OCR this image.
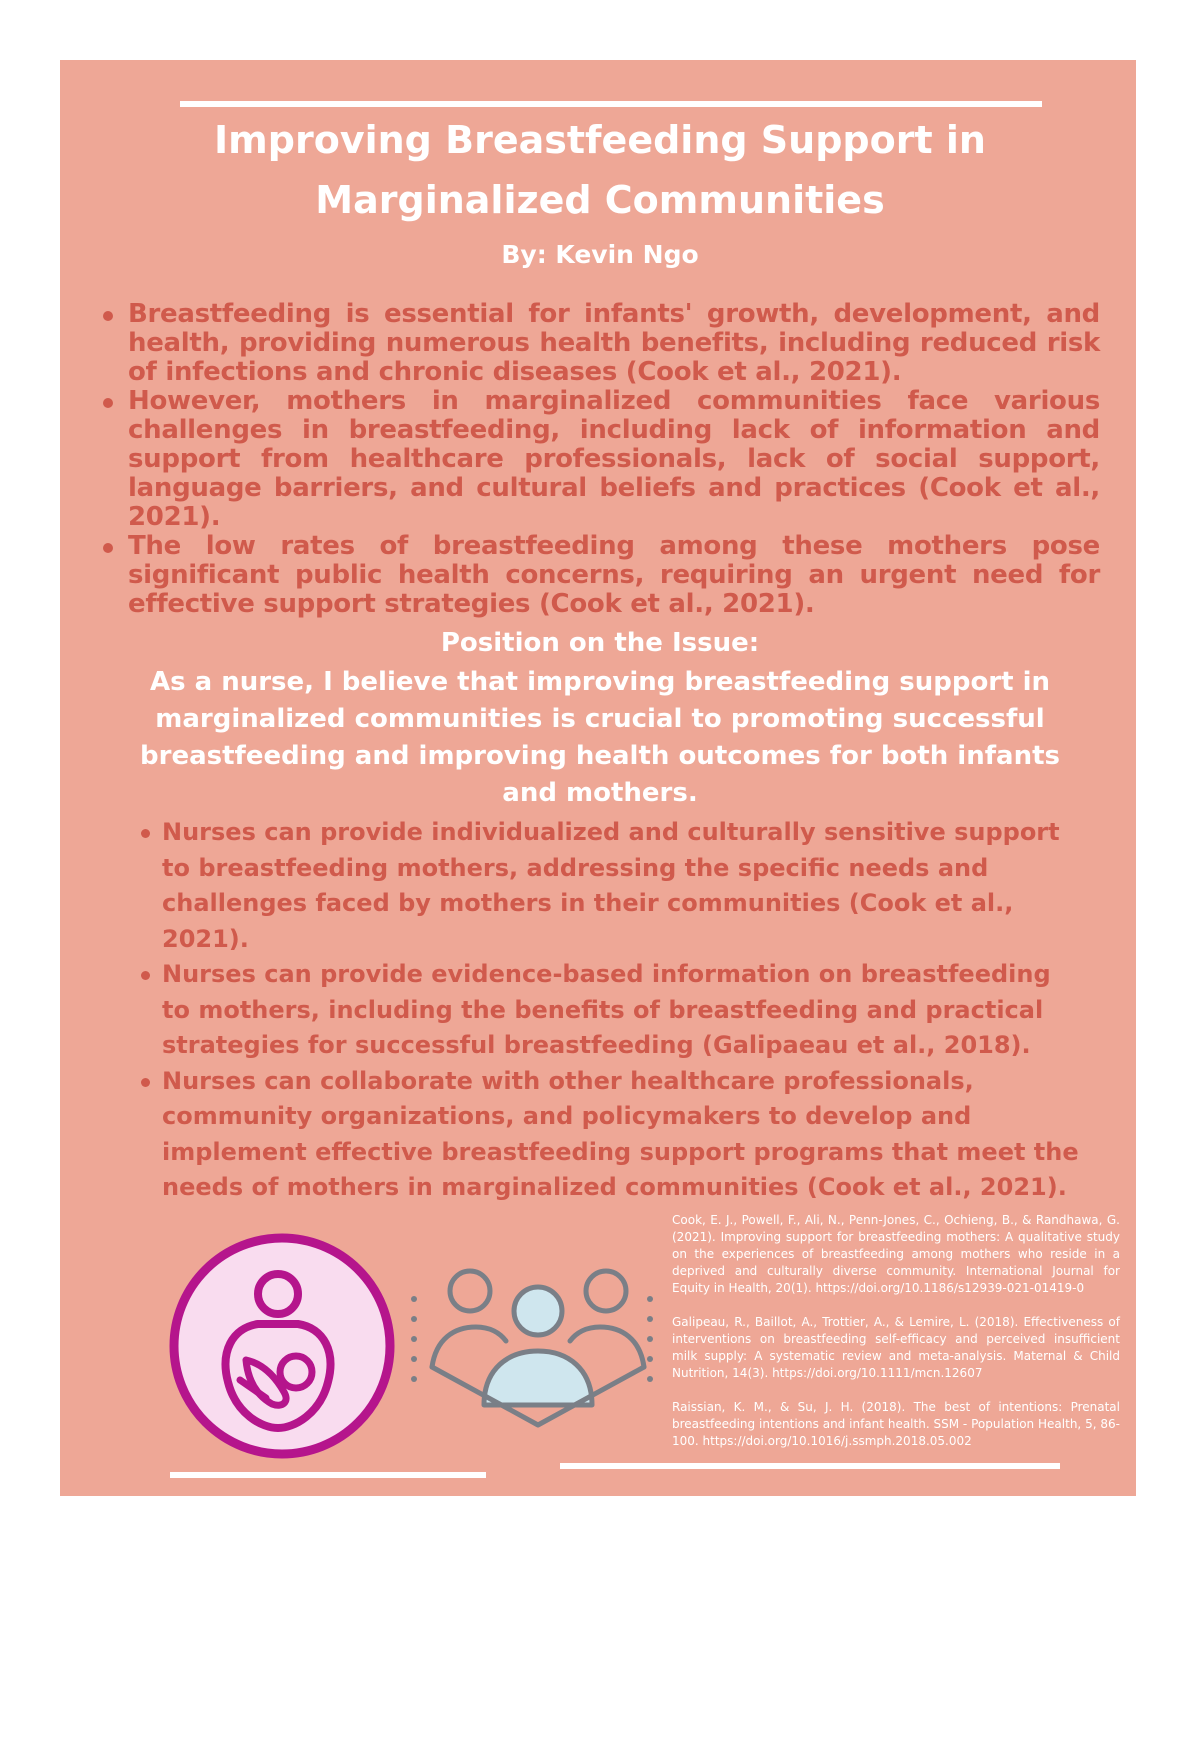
Improving Breastfeeding Support in Marginalized Communities
By: Kevin Ngo
Breastfeeding is essential for infants' growth, development, and health, providing numerous health benefits, including reduced risk of infections and chronic diseases (Cook et al., 2021).
However, mothers in marginalized communities face various challenges in breastfeeding, including lack of information and support from healthcare professionals, lack of social support, language barriers, and cultural beliefs and practices (Cook et al., 2021).
The low rates of breastfeeding among these mothers pose significant public health concerns, requiring an urgent need for effective support strategies (Cook et al., 2021).
Position on the Issue:
As a nurse, I believe that improving breastfeeding support in marginalized communities is crucial to promoting successful breastfeeding and improving health outcomes for both infants and mothers.
Nurses can provide individualized and culturally sensitive support to breastfeeding mothers, addressing the specific needs and challenges faced by mothers in their communities (Cook et al., 2021).
Nurses can provide evidence-based information on breastfeeding to mothers, including the benefits of breastfeeding and practical strategies for successful breastfeeding (Galipaeau et al., 2018).
Nurses can collaborate with other healthcare professionals, community organizations, and policymakers to develop and implement effective breastfeeding support programs that meet the needs of mothers in marginalized communities (Cook et al., 2021).

Cook, E. J., Powell, F., Ali, N., Penn-Jones, C., Ochieng, B., & Randhawa, G. (2021). Improving support for breastfeeding mothers: A qualitative study on the experiences of breastfeeding among mothers who reside in a deprived and culturally diverse community. International Journal for Equity in Health, 20(1). https://doi.org/10.1186/s12939-021-01419-0

Galipeau, R., Baillot, A., Trottier, A., & Lemire, L. (2018). Effectiveness of interventions on breastfeeding self-efficacy and perceived insufficient milk supply: A systematic review and meta-analysis. Maternal & Child Nutrition, 14(3). https://doi.org/10.1111/mcn.12607

Raissian, K. M., & Su, J. H. (2018). The best of intentions: Prenatal breastfeeding intentions and infant health. SSM - Population Health, 5, 86-100. https://doi.org/10.1016/j.ssmph.2018.05.002
